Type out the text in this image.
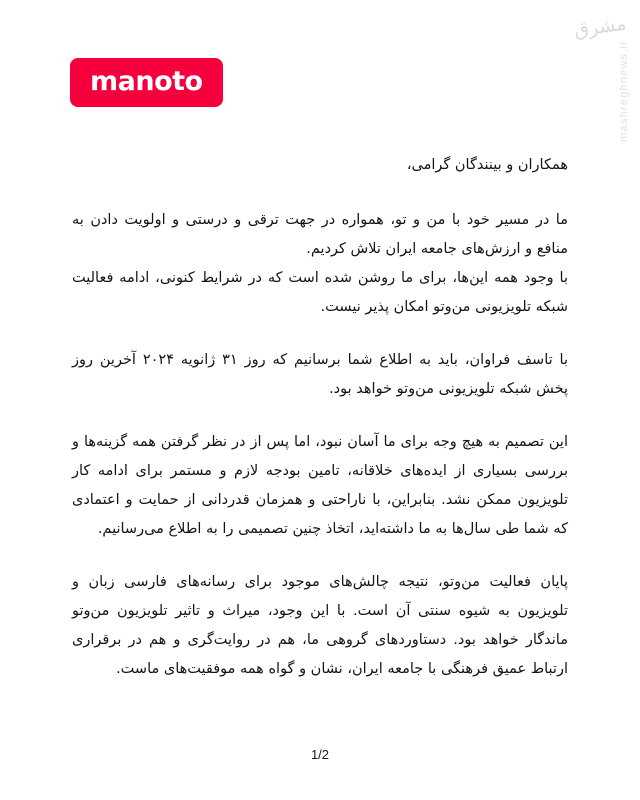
مشرق
mashreghnews.ir
manoto
همکاران و بینندگان گرامی،

ما در مسیر خود با من و تو، همواره در جهت ترقی و درستی و اولویت دادن به منافع و ارزش‌های جامعه ایران تلاش کردیم.
با وجود همه این‌ها، برای ما روشن شده است که در شرایط کنونی، ادامه فعالیت شبکه تلویزیونی من‌وتو امکان پذیر نیست.

با تاسف فراوان، باید به اطلاع شما برسانیم که روز ۳۱ ژانویه ۲۰۲۴ آخرین روز پخش شبکه تلویزیونی من‌وتو خواهد بود.

این تصمیم به هیچ وجه برای ما آسان نبود، اما پس از در نظر گرفتن همه گزینه‌ها و بررسی بسیاری از ایده‌های خلاقانه، تامین بودجه لازم و مستمر برای ادامه کار تلویزیون ممکن نشد. بنابراین، با ناراحتی و همزمان قدردانی از حمایت و اعتمادی که شما طی سال‌ها به ما داشته‌اید، اتخاذ چنین تصمیمی را به اطلاع می‌رسانیم.

پایان فعالیت من‌وتو، نتیجه چالش‌های موجود برای رسانه‌های فارسی زبان و تلویزیون به شیوه سنتی آن است. با این وجود، میراث و تاثیر تلویزیون من‌وتو ماندگار خواهد بود. دستاوردهای گروهی ما، هم در روایت‌گری و هم در برقراری ارتباط عمیق فرهنگی با جامعه ایران، نشان و گواه همه موفقیت‌های ماست.

1/2
